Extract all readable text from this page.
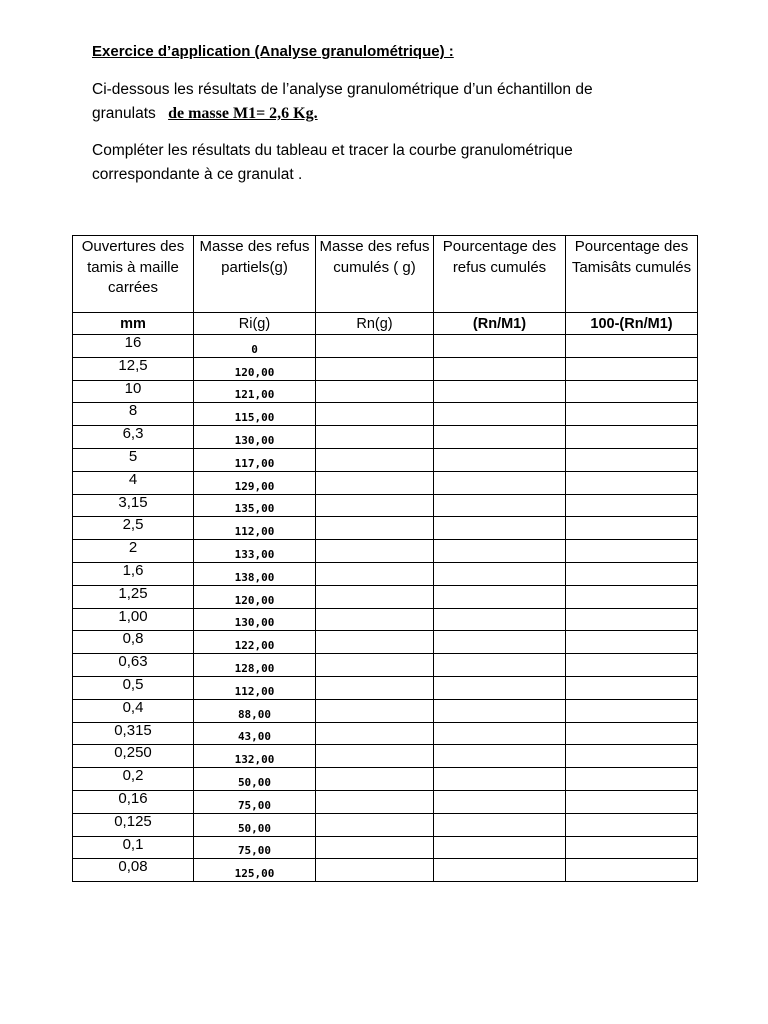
Exercice d’application (Analyse granulométrique) :
Ci-dessous les résultats de l’analyse granulométrique d’un échantillon de granulats de masse M1= 2,6 Kg.
Compléter les résultats du tableau et tracer la courbe granulométrique correspondante à ce granulat .
Ouvertures des tamis à maille carrées	Masse des refus partiels(g)	Masse des refus cumulés ( g)	Pourcentage des refus cumulés	Pourcentage des Tamisâts cumulés
mm	Ri(g)	Rn(g)	(Rn/M1)	100-(Rn/M1)
16	0			
12,5	120,00			
10	121,00			
8	115,00			
6,3	130,00			
5	117,00			
4	129,00			
3,15	135,00			
2,5	112,00			
2	133,00			
1,6	138,00			
1,25	120,00			
1,00	130,00			
0,8	122,00			
0,63	128,00			
0,5	112,00			
0,4	88,00			
0,315	43,00			
0,250	132,00			
0,2	50,00			
0,16	75,00			
0,125	50,00			
0,1	75,00			
0,08	125,00			
